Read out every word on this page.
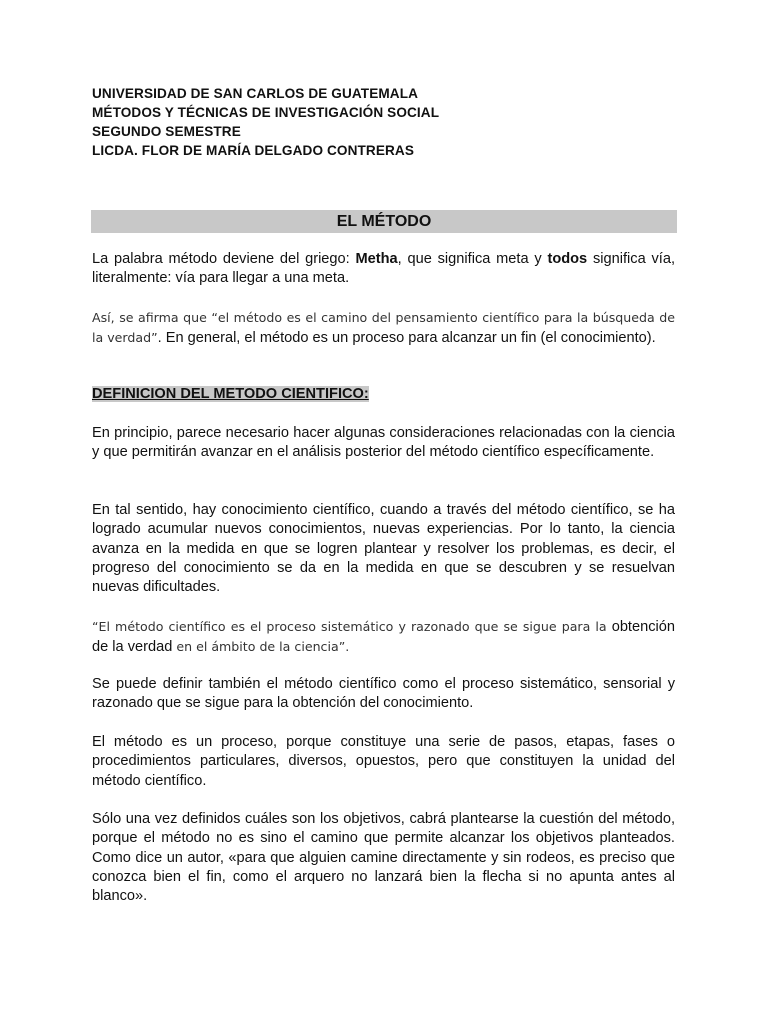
UNIVERSIDAD DE SAN CARLOS DE GUATEMALA
MÉTODOS Y TÉCNICAS DE INVESTIGACIÓN SOCIAL
SEGUNDO SEMESTRE
LICDA. FLOR DE MARÍA DELGADO CONTRERAS
EL MÉTODO
La palabra método deviene del griego: Metha, que significa meta y todos significa vía, literalmente: vía para llegar a una meta.
Así, se afirma que “el método es el camino del pensamiento científico para la búsqueda de la verdad”. En general, el método es un proceso para alcanzar un fin (el conocimiento).
DEFINICION DEL METODO CIENTIFICO:
En principio, parece necesario hacer algunas consideraciones relacionadas con la ciencia y que permitirán avanzar en el análisis posterior del método científico específicamente.
En tal sentido, hay conocimiento científico, cuando a través del método científico, se ha logrado acumular nuevos conocimientos, nuevas experiencias. Por lo tanto, la ciencia avanza en la medida en que se logren plantear y resolver los problemas, es decir, el progreso del conocimiento se da en la medida en que se descubren y se resuelvan nuevas dificultades.
“El método científico es el proceso sistemático y razonado que se sigue para la obtención de la verdad en el ámbito de la ciencia”.
Se puede definir también el método científico como el proceso sistemático, sensorial y razonado que se sigue para la obtención del conocimiento.
El método es un proceso, porque constituye una serie de pasos, etapas, fases o procedimientos particulares, diversos, opuestos, pero que constituyen la unidad del método científico.
Sólo una vez definidos cuáles son los objetivos, cabrá plantearse la cuestión del método, porque el método no es sino el camino que permite alcanzar los objetivos planteados. Como dice un autor, «para que alguien camine directamente y sin rodeos, es preciso que conozca bien el fin, como el arquero no lanzará bien la flecha si no apunta antes al blanco».
